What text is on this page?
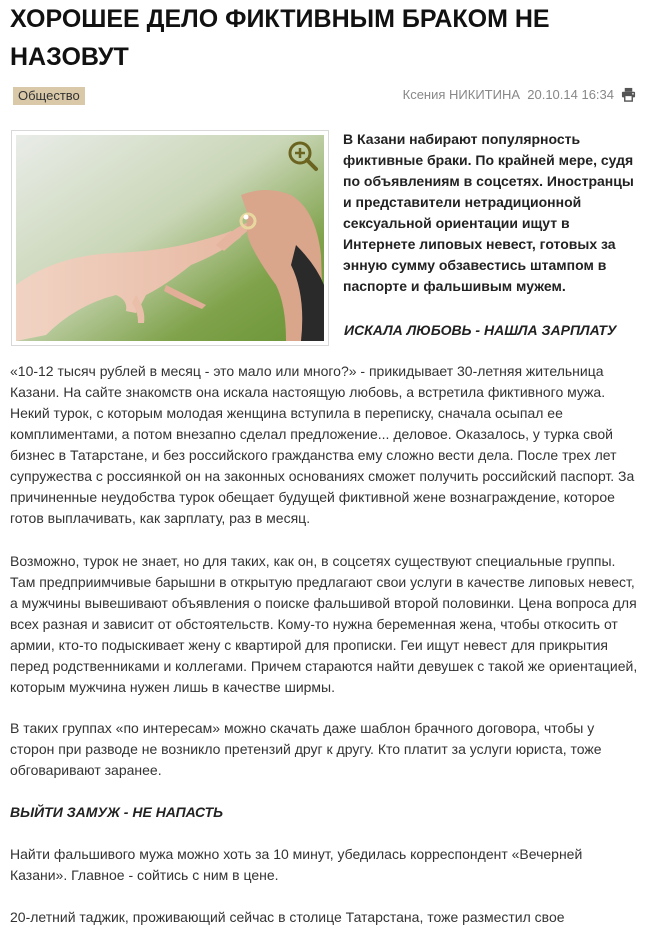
ХОРОШЕЕ ДЕЛО ФИКТИВНЫМ БРАКОМ НЕ НАЗОВУТ
Общество	Ксения НИКИТИНА 20.10.14 16:34

В Казани набирают популярность фиктивные браки. По крайней мере, судя по объявлениям в соцсетях. Иностранцы и представители нетрадиционной сексуальной ориентации ищут в Интернете липовых невест, готовых за энную сумму обзавестись штампом в паспорте и фальшивым мужем.

ИСКАЛА ЛЮБОВЬ - НАШЛА ЗАРПЛАТУ

«10-12 тысяч рублей в месяц - это мало или много?» - прикидывает 30-летняя жительница Казани. На сайте знакомств она искала настоящую любовь, а встретила фиктивного мужа. Некий турок, с которым молодая женщина вступила в переписку, сначала осыпал ее комплиментами, а потом внезапно сделал предложение... деловое. Оказалось, у турка свой бизнес в Татарстане, и без российского гражданства ему сложно вести дела. После трех лет супружества с россиянкой он на законных основаниях сможет получить российский паспорт. За причиненные неудобства турок обещает будущей фиктивной жене вознаграждение, которое готов выплачивать, как зарплату, раз в месяц.

Возможно, турок не знает, но для таких, как он, в соцсетях существуют специальные группы. Там предприимчивые барышни в открытую предлагают свои услуги в качестве липовых невест, а мужчины вывешивают объявления о поиске фальшивой второй половинки. Цена вопроса для всех разная и зависит от обстоятельств. Кому-то нужна беременная жена, чтобы откосить от армии, кто-то подыскивает жену с квартирой для прописки. Геи ищут невест для прикрытия перед родственниками и коллегами. Причем стараются найти девушек с такой же ориентацией, которым мужчина нужен лишь в качестве ширмы.

В таких группах «по интересам» можно скачать даже шаблон брачного договора, чтобы у сторон при разводе не возникло претензий друг к другу. Кто платит за услуги юриста, тоже обговаривают заранее.

ВЫЙТИ ЗАМУЖ - НЕ НАПАСТЬ

Найти фальшивого мужа можно хоть за 10 минут, убедилась корреспондент «Вечерней Казани». Главное - сойтись с ним в цене.

20-летний таджик, проживающий сейчас в столице Татарстана, тоже разместил свое
